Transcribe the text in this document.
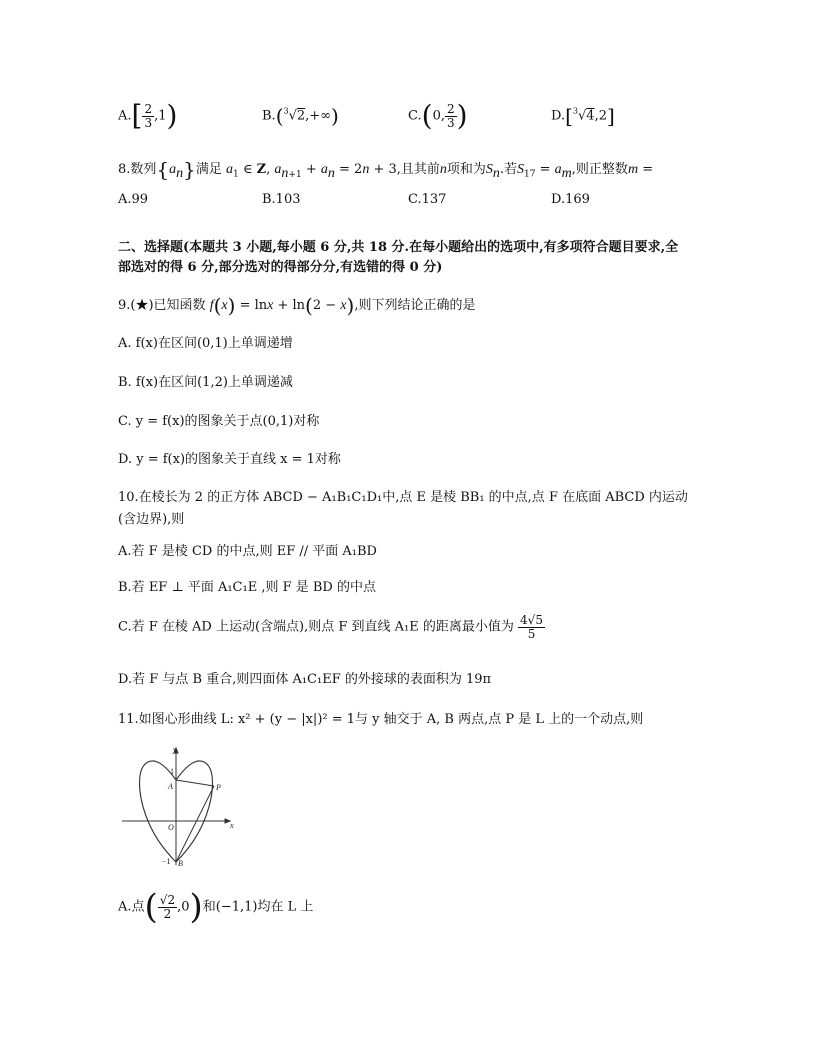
$A.[ \frac{2}{3} ,1)$	B.($^3$√2,+∞)	C.(0, $\frac{2}{3}$ )	D.[$^3$√4,2]
8.数列$\{a_n\}$满足 $a_1$ ∈ Z, $a_{n+1} + a_n = 2n + 3$,且其前n项和为$S_n$.若$S_{17} = a_m$,则正整数m =
A.99	B.103	C.137	D.169
二、选择题(本题共 3 小题,每小题 6 分,共 18 分.在每小题给出的选项中,有多项符合题目要求,全
部选对的得 6 分,部分选对的得部分分,有选错的得 0 分)
9.(★)已知函数 f(x) = lnx + ln(2 − x),则下列结论正确的是
A. f(x)在区间(0,1)上单调递增
B. f(x)在区间(1,2)上单调递减
C. y = f(x)的图象关于点(0,1)对称
D. y = f(x)的图象关于直线 x = 1对称
10.在棱长为 2 的正方体 ABCD − A₁B₁C₁D₁中,点 E 是棱 BB₁ 的中点,点 F 在底面 ABCD 内运动
(含边界),则
A.若 F 是棱 CD 的中点,则 EF // 平面 A₁BD
B.若 EF ⊥ 平面 A₁C₁E ,则 F 是 BD 的中点
C.若 F 在棱 AD 上运动(含端点),则点 F 到直线 A₁E 的距离最小值为 $\frac{4√5}{5}$
D.若 F 与点 B 重合,则四面体 A₁C₁EF 的外接球的表面积为 19π
11.如图心形曲线 L: x² + (y − |x|)² = 1与 y 轴交于 A, B 两点,点 P 是 L 上的一个动点,则
y
x
1
A	P
O
−1 B
A.点( $\frac{√2}{2} ,0$)和(−1,1)均在 L 上
